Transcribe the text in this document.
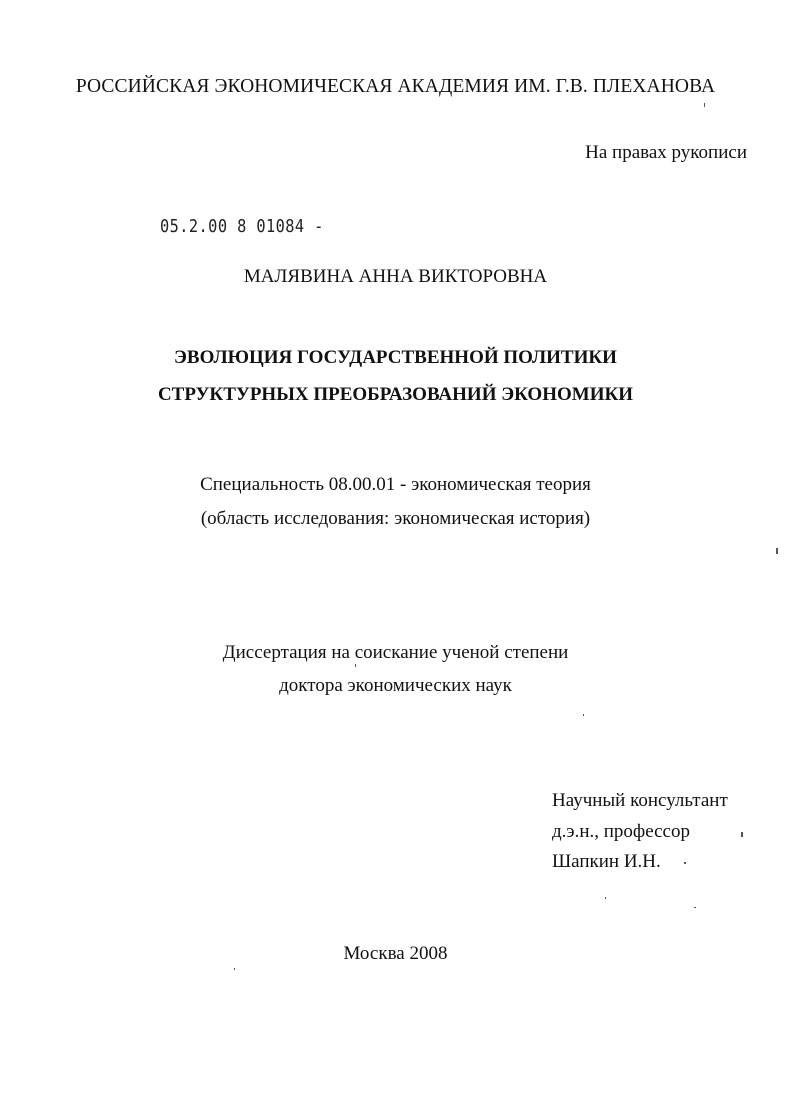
РОССИЙСКАЯ ЭКОНОМИЧЕСКАЯ АКАДЕМИЯ ИМ. Г.В. ПЛЕХАНОВА
На правах рукописи
05.2.00 8 01084 -
МАЛЯВИНА АННА ВИКТОРОВНА
ЭВОЛЮЦИЯ ГОСУДАРСТВЕННОЙ ПОЛИТИКИ
СТРУКТУРНЫХ ПРЕОБРАЗОВАНИЙ ЭКОНОМИКИ
Специальность 08.00.01 - экономическая теория
(область исследования: экономическая история)
Диссертация на соискание ученой степени
доктора экономических наук
Научный консультант
д.э.н., профессор
Шапкин И.Н.
Москва 2008
